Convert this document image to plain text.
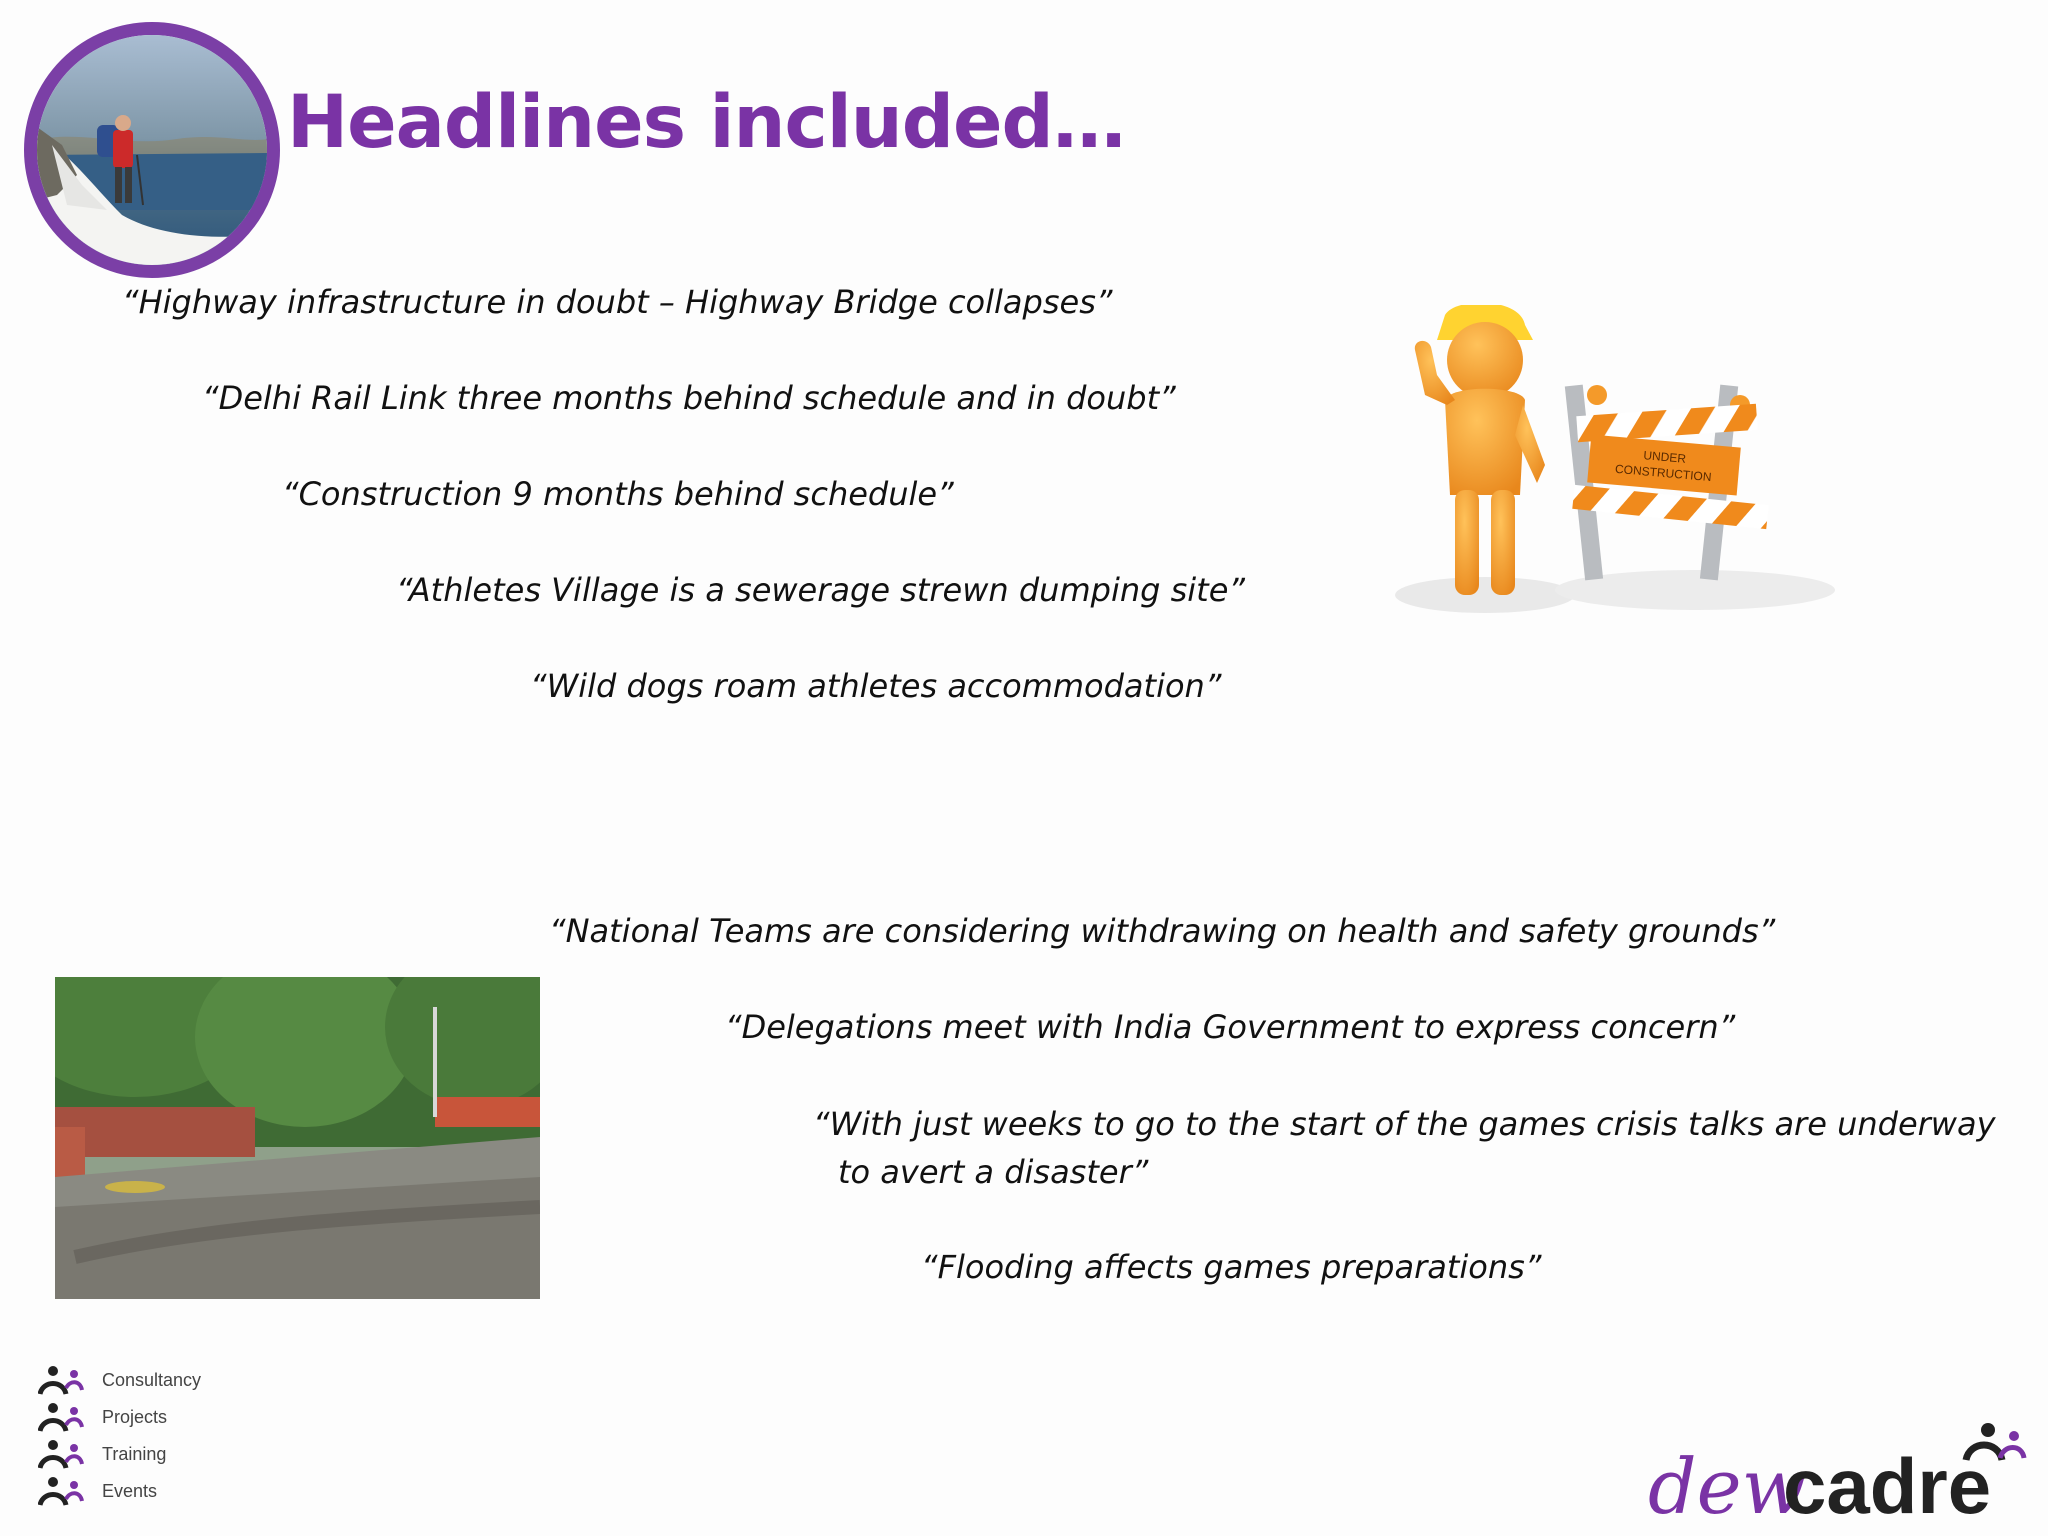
Headlines included…

“Highway infrastructure in doubt – Highway Bridge collapses”

“Delhi Rail Link three months behind schedule and in doubt”

“Construction 9 months behind schedule”

“Athletes Village is a sewerage strewn dumping site”

“Wild dogs roam athletes accommodation”

UNDER
CONSTRUCTION

“National Teams are considering withdrawing on health and safety grounds”

“Delegations meet with India Government to express concern”

“With just weeks to go to the start of the games crisis talks are underway

to avert a disaster”

“Flooding affects games preparations”

Consultancy
Projects
Training
Events	dew
cadre
